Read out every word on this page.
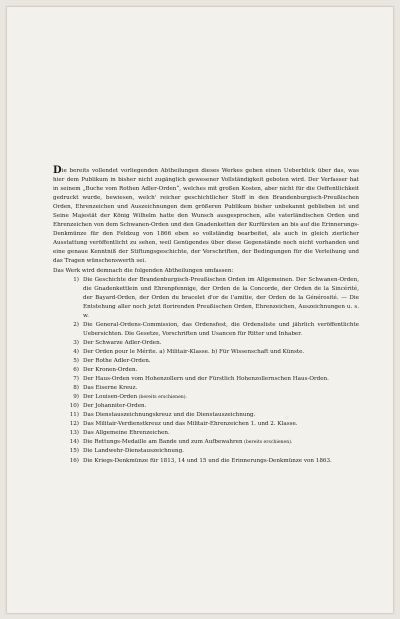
Die bereits vollendet vorliegenden Abtheilungen dieses Werkes geben einen Ueberblick über das, was hier dem Publikum in bisher nicht zugänglich gewesener Vollständigkeit geboten wird. Der Verfasser hat in seinem „Buche vom Rothen Adler-Orden“, welches mit großen Kosten, aber nicht für die Oeffentlichkeit gedruckt wurde, bewiesen, welch' reicher geschichtlicher Stoff in den Brandenburgisch-Preußischen Orden, Ehrenzeichen und Auszeichnungen dem größeren Publikum bisher unbekannt geblieben ist und Seine Majestät der König Wilhelm hatte den Wunsch ausgesprochen, alle vaterländischen Orden und Ehrenzeichen von dem Schwanen-Orden und den Gnadenketten der Kurfürsten an bis auf die Erinnerungs-Denkmünze für den Feldzug von 1866 eben so vollständig bearbeitet, als auch in gleich zierlicher Ausstattung veröffentlicht zu sehen, weil Genügendes über diese Gegenstände noch nicht vorhanden und eine genaue Kenntniß der Stiftungsgeschichte, der Vorschriften, der Bedingungen für die Verleihung und das Tragen wünschenswerth sei.

Das Werk wird demnach die folgenden Abtheilungen umfassen:

1) Die Geschichte der Brandenburgisch-Preußischen Orden im Allgemeinen. Der Schwanen-Orden, die Gnadenkettlein und Ehrenpfennige, der Orden de la Concorde, der Orden de la Sincérité, der Bayard-Orden, der Orden du bracelet d'or de l'amitie, der Orden de la Générosité. — Die Entstehung aller noch jetzt florirenden Preußischen Orden, Ehrenzeichen, Auszeichnungen u. s. w.
2) Die General-Ordens-Commission, das Ordensfest, die Ordensliste und jährlich veröffentlichte Uebersichten. Die Gesetze, Vorschriften und Usancen für Ritter und Inhaber.
3) Der Schwarze Adler-Orden.
4) Der Orden pour le Mérite. a) Militair-Klasse. b) Für Wissenschaft und Künste.
5) Der Rothe Adler-Orden.
6) Der Kronen-Orden.
7) Der Haus-Orden vom Hohenzollern und der Fürstlich Hohenzollernschen Haus-Orden.
8) Das Eiserne Kreuz.
9) Der Louisen-Orden (bereits erschienen).
10) Der Johanniter-Orden.
11) Das Dienstauszeichnungskreuz und die Dienstauszeichnung.
12) Das Militair-Verdienstkreuz und das Militair-Ehrenzeichen 1. und 2. Klasse.
13) Das Allgemeine Ehrenzeichen.
14) Die Rettungs-Medaille am Bande und zum Aufbewahren (bereits erschienen).
15) Die Landwehr-Dienstauszeichnung.
16) Die Kriegs-Denkmünze für 1813, 14 und 15 und die Erinnerungs-Denkmünze von 1863.
